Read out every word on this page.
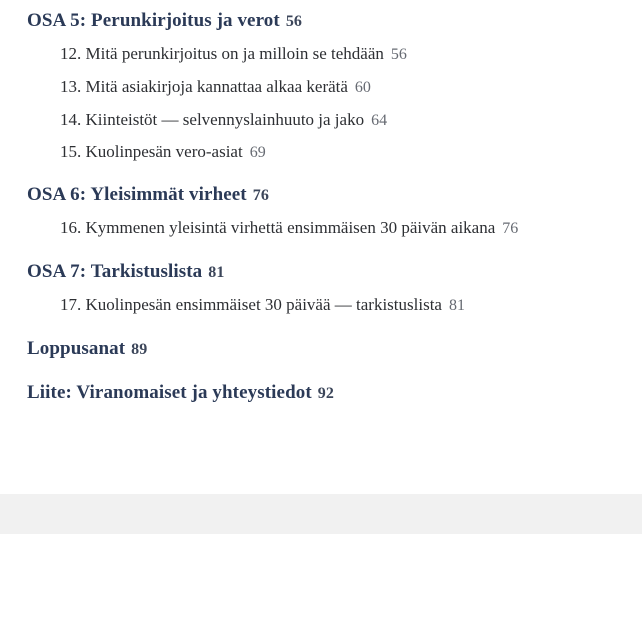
OSA 5: Perunkirjoitus ja verot 56
12. Mitä perunkirjoitus on ja milloin se tehdään 56
13. Mitä asiakirjoja kannattaa alkaa kerätä 60
14. Kiinteistöt — selvennyslainhuuto ja jako 64
15. Kuolinpesän vero-asiat 69
OSA 6: Yleisimmät virheet 76
16. Kymmenen yleisintä virhettä ensimmäisen 30 päivän aikana 76
OSA 7: Tarkistuslista 81
17. Kuolinpesän ensimmäiset 30 päivää — tarkistuslista 81
Loppusanat 89
Liite: Viranomaiset ja yhteystiedot 92
